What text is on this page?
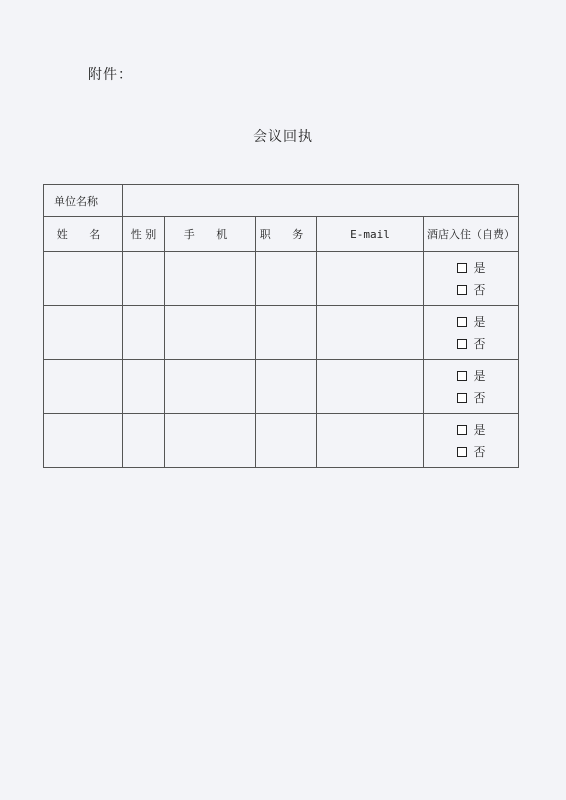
附件：
会议回执
单位名称					
姓 名	性 别	手 机	职 务	E-mail	酒店入住（自费）

					是
否

					是
否

					是
否

					是
否
